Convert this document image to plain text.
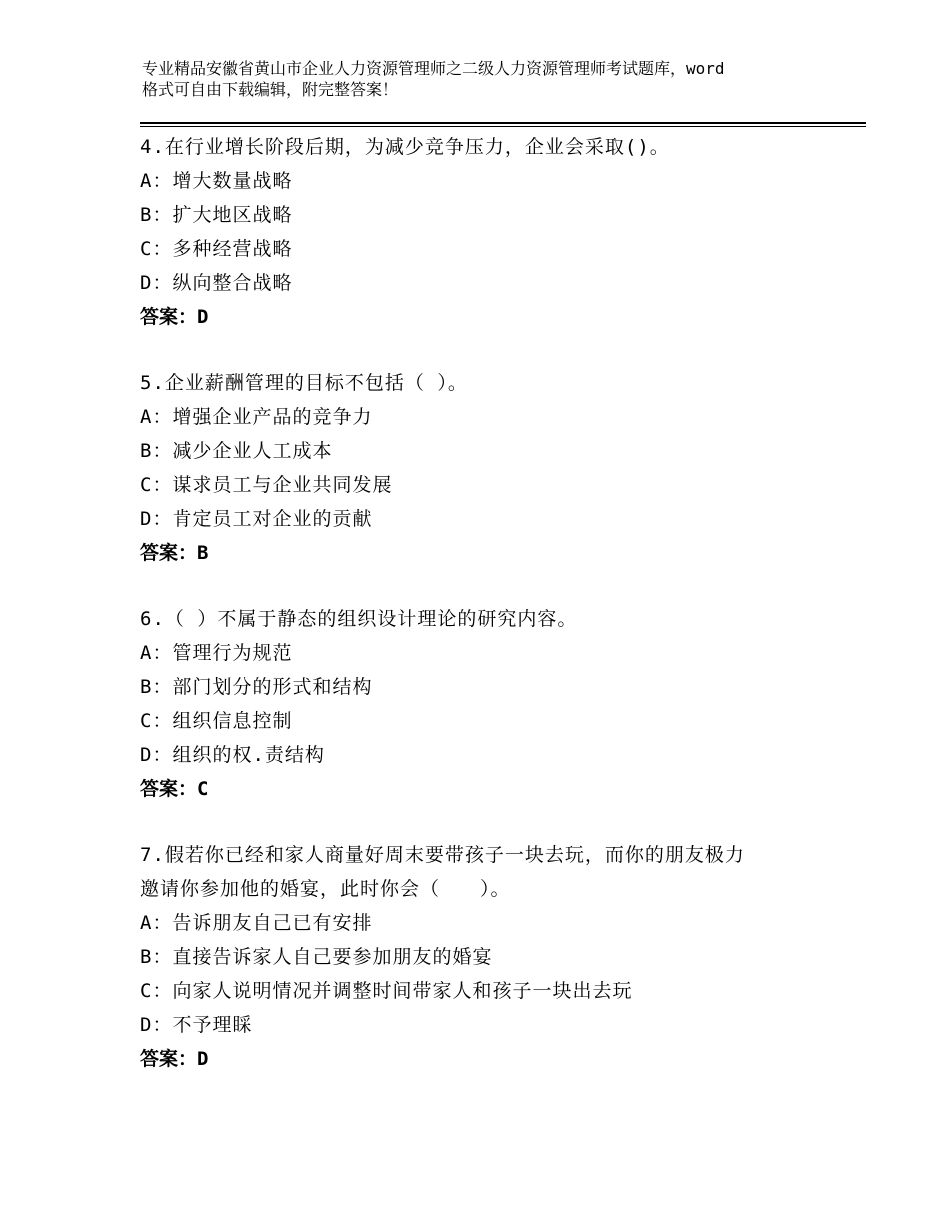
专业精品安徽省黄山市企业人力资源管理师之二级人力资源管理师考试题库，word
格式可自由下载编辑，附完整答案！
4.在行业增长阶段后期，为减少竞争压力，企业会采取()。
A：增大数量战略
B：扩大地区战略
C：多种经营战略
D：纵向整合战略
答案：D
5.企业薪酬管理的目标不包括（ ）。
A：增强企业产品的竞争力
B：减少企业人工成本
C：谋求员工与企业共同发展
D：肯定员工对企业的贡献
答案：B
6.（ ）不属于静态的组织设计理论的研究内容。
A：管理行为规范
B：部门划分的形式和结构
C：组织信息控制
D：组织的权.责结构
答案：C
7.假若你已经和家人商量好周末要带孩子一块去玩，而你的朋友极力
邀请你参加他的婚宴，此时你会（　　）。
A：告诉朋友自己已有安排
B：直接告诉家人自己要参加朋友的婚宴
C：向家人说明情况并调整时间带家人和孩子一块出去玩
D：不予理睬
答案：D
